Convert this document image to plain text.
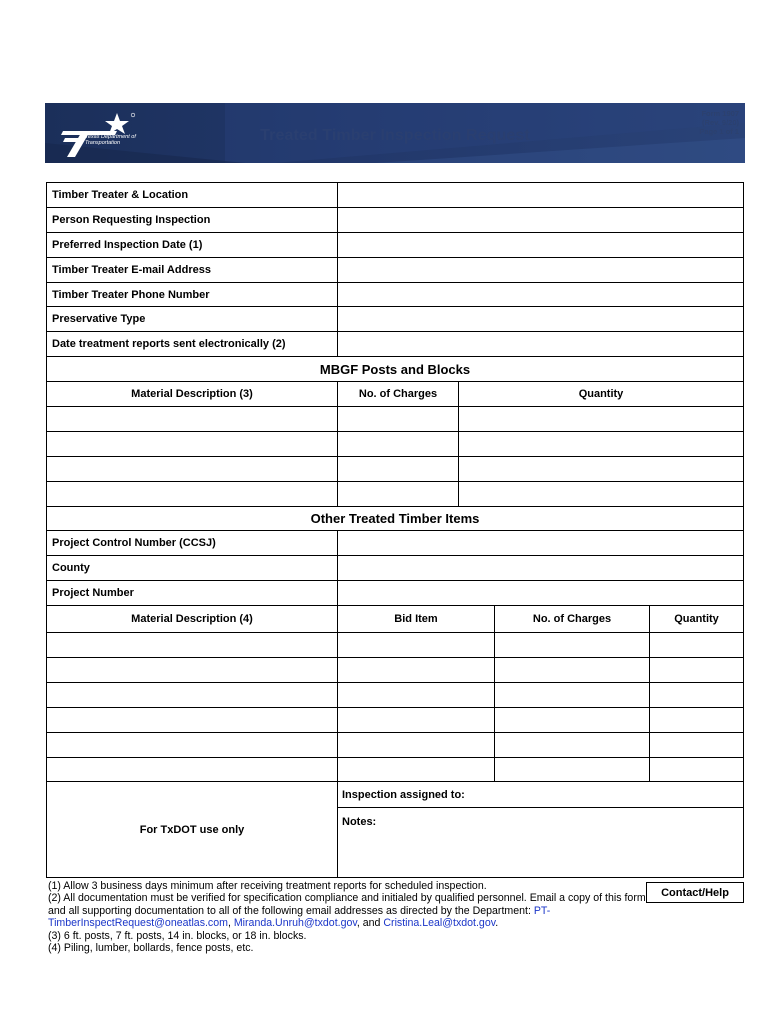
Texas Department of Transportation	Treated Timber Inspection Request
Form 1907
(Rev. 9/20)
Page 1 of 1
Timber Treater & Location
Person Requesting Inspection
Preferred Inspection Date (1)
Timber Treater E-mail Address
Timber Treater Phone Number
Preservative Type
Date treatment reports sent electronically (2)
MBGF Posts and Blocks
Material Description (3)	No. of Charges	Quantity
Other Treated Timber Items
Project Control Number (CCSJ)
County
Project Number
Material Description (4)	Bid Item	No. of Charges	Quantity
For TxDOT use only
Inspection assigned to:
Notes:
(1) Allow 3 business days minimum after receiving treatment reports for scheduled inspection.
(2) All documentation must be verified for specification compliance and initialed by qualified personnel. Email a copy of this form and all supporting documentation to all of the following email addresses as directed by the Department: PT-TimberInspectRequest@oneatlas.com, Miranda.Unruh@txdot.gov, and Cristina.Leal@txdot.gov.
(3) 6 ft. posts, 7 ft. posts, 14 in. blocks, or 18 in. blocks.
(4) Piling, lumber, bollards, fence posts, etc.
Contact/Help
